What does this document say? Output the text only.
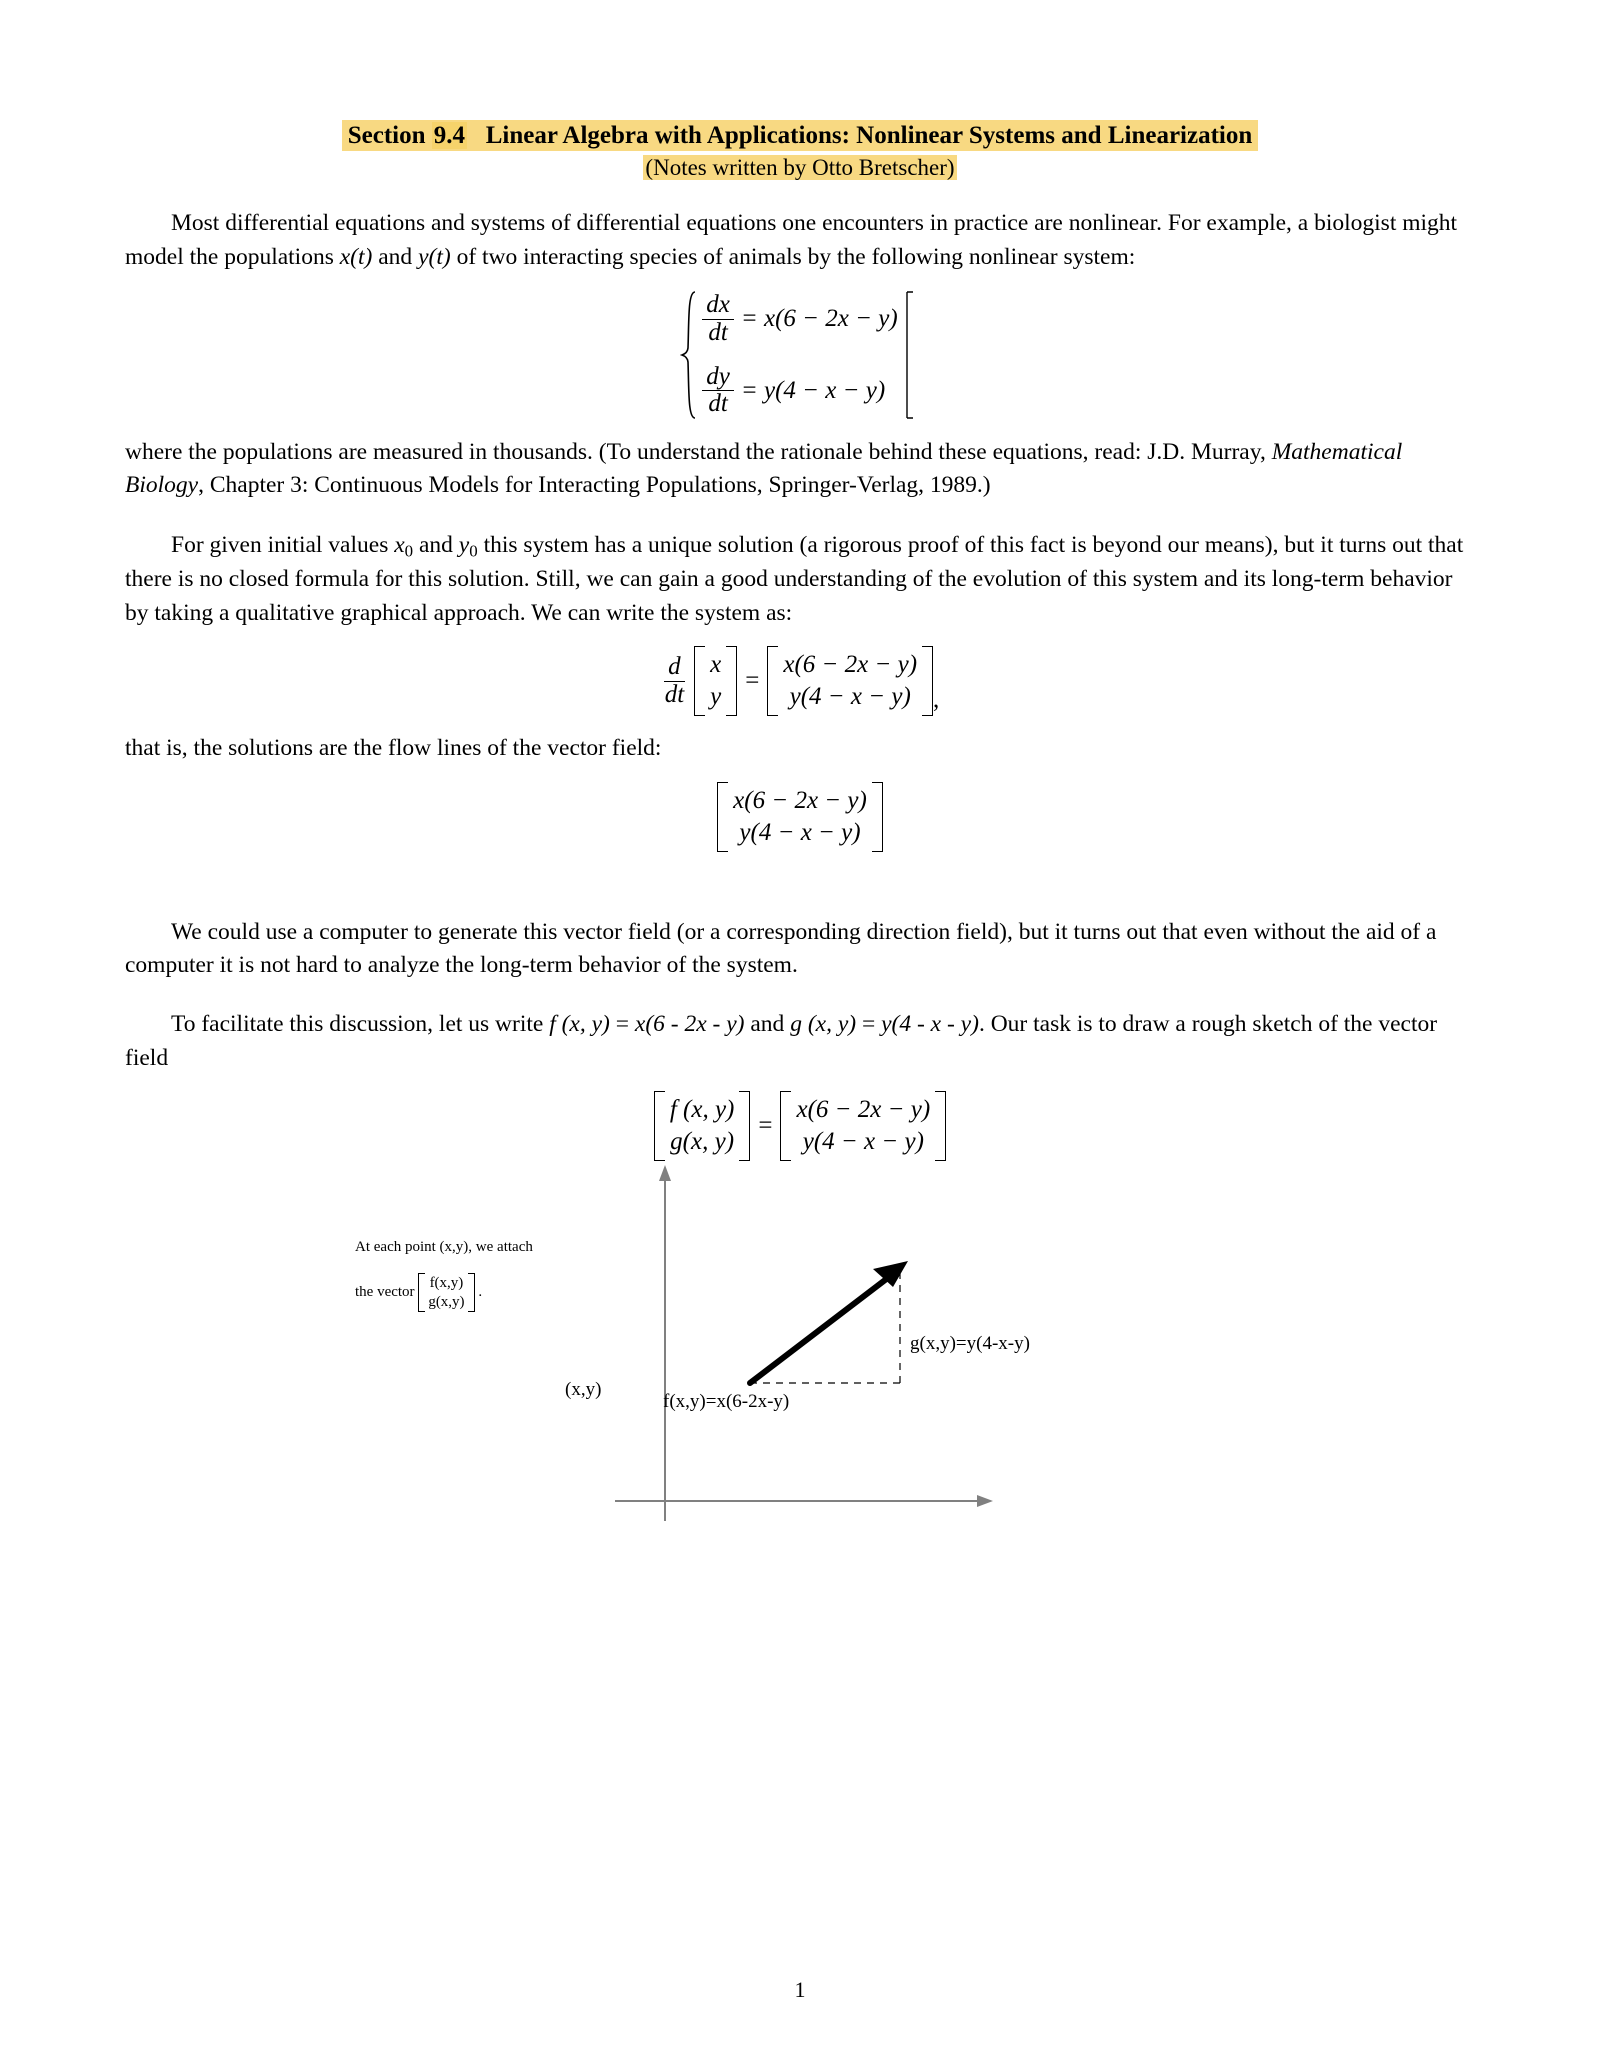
Section 9.4 Linear Algebra with Applications: Nonlinear Systems and Linearization
(Notes written by Otto Bretscher)

Most differential equations and systems of differential equations one encounters in practice are nonlinear. For example, a biologist might model the populations x(t) and y(t) of two interacting species of animals by the following nonlinear system:

$\frac{dx}{dt} = x(6 - 2x - y)$
$\frac{dy}{dt} = y(4 - x - y)$

where the populations are measured in thousands. (To understand the rationale behind these equations, read: J.D. Murray, Mathematical Biology, Chapter 3: Continuous Models for Interacting Populations, Springer-Verlag, 1989.)

For given initial values $x_0$ and $y_0$ this system has a unique solution (a rigorous proof of this fact is beyond our means), but it turns out that there is no closed formula for this solution. Still, we can gain a good understanding of the evolution of this system and its long-term behavior by taking a qualitative graphical approach. We can write the system as:

$\frac{d}{dt}$ x
y
=
x(6 − 2x − y)
y(4 − x − y) ,

that is, the solutions are the flow lines of the vector field:

x(6 − 2x − y)
y(4 − x − y)

We could use a computer to generate this vector field (or a corresponding direction field), but it turns out that even without the aid of a computer it is not hard to analyze the long-term behavior of the system.

To facilitate this discussion, let us write f (x, y) = x(6 - 2x - y) and g (x, y) = y(4 - x - y). Our task is to draw a rough sketch of the vector field

f (x, y)
g(x, y)
=
x(6 − 2x − y)
y(4 − x − y)
At each point (x,y), we attach
the vector
f(x,y)
g(x,y)
.
(x,y)
f(x,y)=x(6-2x-y)
g(x,y)=y(4-x-y)
1
